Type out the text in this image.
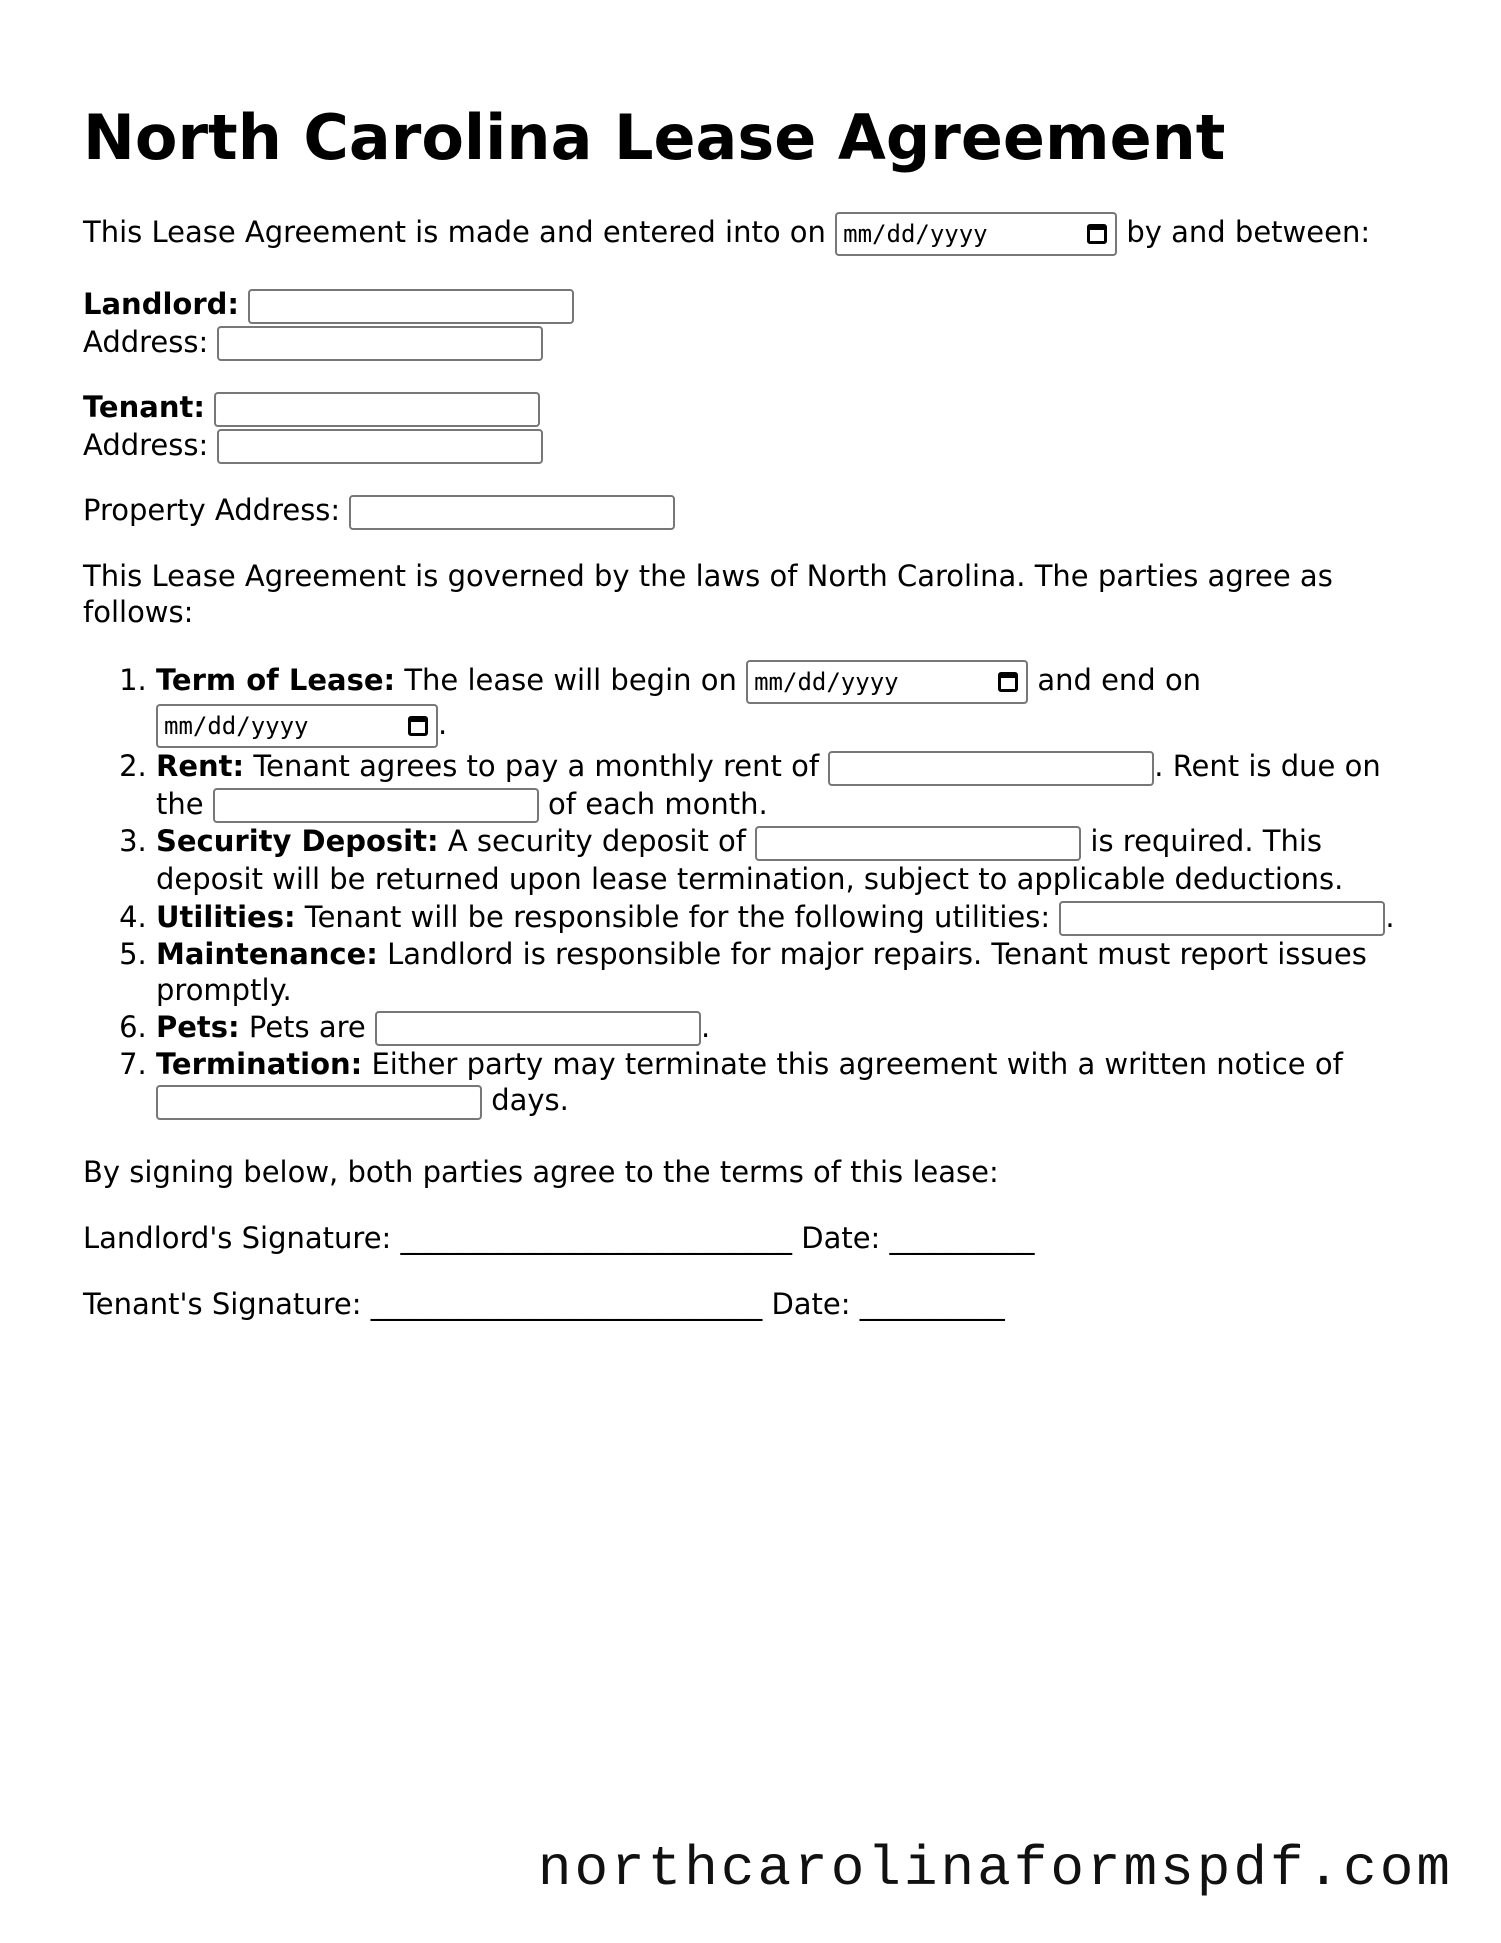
North Carolina Lease Agreement

This Lease Agreement is made and entered into on mm/dd/yyyy	by and between:

Landlord:
Address:
Tenant:
Address:

Property Address:

This Lease Agreement is governed by the laws of North Carolina. The parties agree as follows:

1. Term of Lease: The lease will begin on mm/dd/yyyy	and end on
mm/dd/yyyy	.
2. Rent: Tenant agrees to pay a monthly rent of	. Rent is due on the	of each month.
3. Security Deposit: A security deposit of	is required. This deposit will be returned upon lease termination, subject to applicable deductions.
4. Utilities: Tenant will be responsible for the following utilities:	.
5. Maintenance: Landlord is responsible for major repairs. Tenant must report issues promptly.
6. Pets: Pets are	.
7. Termination: Either party may terminate this agreement with a written notice of  days.

By signing below, both parties agree to the terms of this lease:

Landlord's Signature: ___________________________ Date: __________

Tenant's Signature: ___________________________ Date: __________

northcarolinaformspdf.com
